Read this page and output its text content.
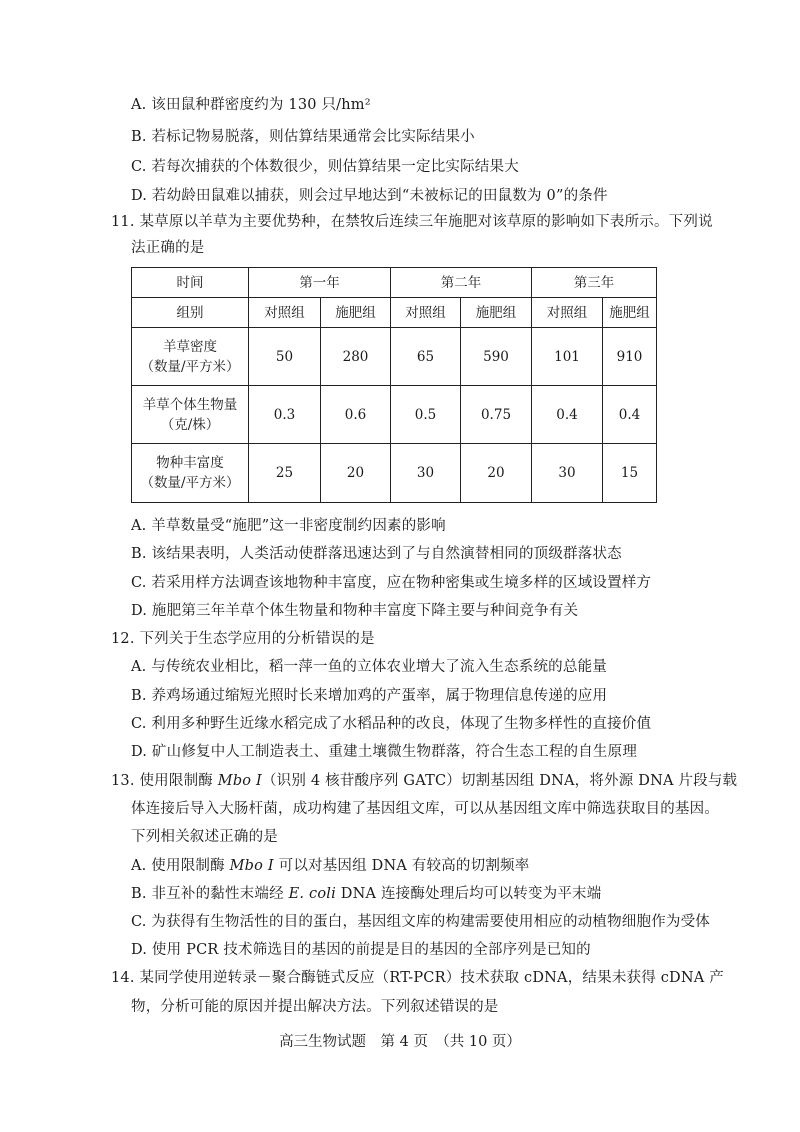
A. 该田鼠种群密度约为 130 只/hm²
B. 若标记物易脱落，则估算结果通常会比实际结果小
C. 若每次捕获的个体数很少，则估算结果一定比实际结果大
D. 若幼龄田鼠难以捕获，则会过早地达到“未被标记的田鼠数为 0”的条件
11. 某草原以羊草为主要优势种，在禁牧后连续三年施肥对该草原的影响如下表所示。下列说
法正确的是
时间	第一年		第二年		第三年	
组别	对照组	施肥组	对照组	施肥组	对照组	施肥组
羊草密度
（数量/平方米）	50	280	65	590	101	910
羊草个体生物量
（克/株）	0.3	0.6	0.5	0.75	0.4	0.4
物种丰富度
（数量/平方米）	25	20	30	20	30	15
A. 羊草数量受“施肥”这一非密度制约因素的影响
B. 该结果表明，人类活动使群落迅速达到了与自然演替相同的顶级群落状态
C. 若采用样方法调查该地物种丰富度，应在物种密集或生境多样的区域设置样方
D. 施肥第三年羊草个体生物量和物种丰富度下降主要与种间竞争有关
12. 下列关于生态学应用的分析错误的是
A. 与传统农业相比，稻一萍一鱼的立体农业增大了流入生态系统的总能量
B. 养鸡场通过缩短光照时长来增加鸡的产蛋率，属于物理信息传递的应用
C. 利用多种野生近缘水稻完成了水稻品种的改良，体现了生物多样性的直接价值
D. 矿山修复中人工制造表土、重建土壤微生物群落，符合生态工程的自生原理
13. 使用限制酶 Mbo Ⅰ（识别 4 核苷酸序列 GATC）切割基因组 DNA，将外源 DNA 片段与载
体连接后导入大肠杆菌，成功构建了基因组文库，可以从基因组文库中筛选获取目的基因。
下列相关叙述正确的是
A. 使用限制酶 Mbo Ⅰ 可以对基因组 DNA 有较高的切割频率
B. 非互补的黏性末端经 E. coli DNA 连接酶处理后均可以转变为平末端
C. 为获得有生物活性的目的蛋白，基因组文库的构建需要使用相应的动植物细胞作为受体
D. 使用 PCR 技术筛选目的基因的前提是目的基因的全部序列是已知的
14. 某同学使用逆转录－聚合酶链式反应（RT-PCR）技术获取 cDNA，结果未获得 cDNA 产
物，分析可能的原因并提出解决方法。下列叙述错误的是
高三生物试题　第 4 页　（共 10 页）
